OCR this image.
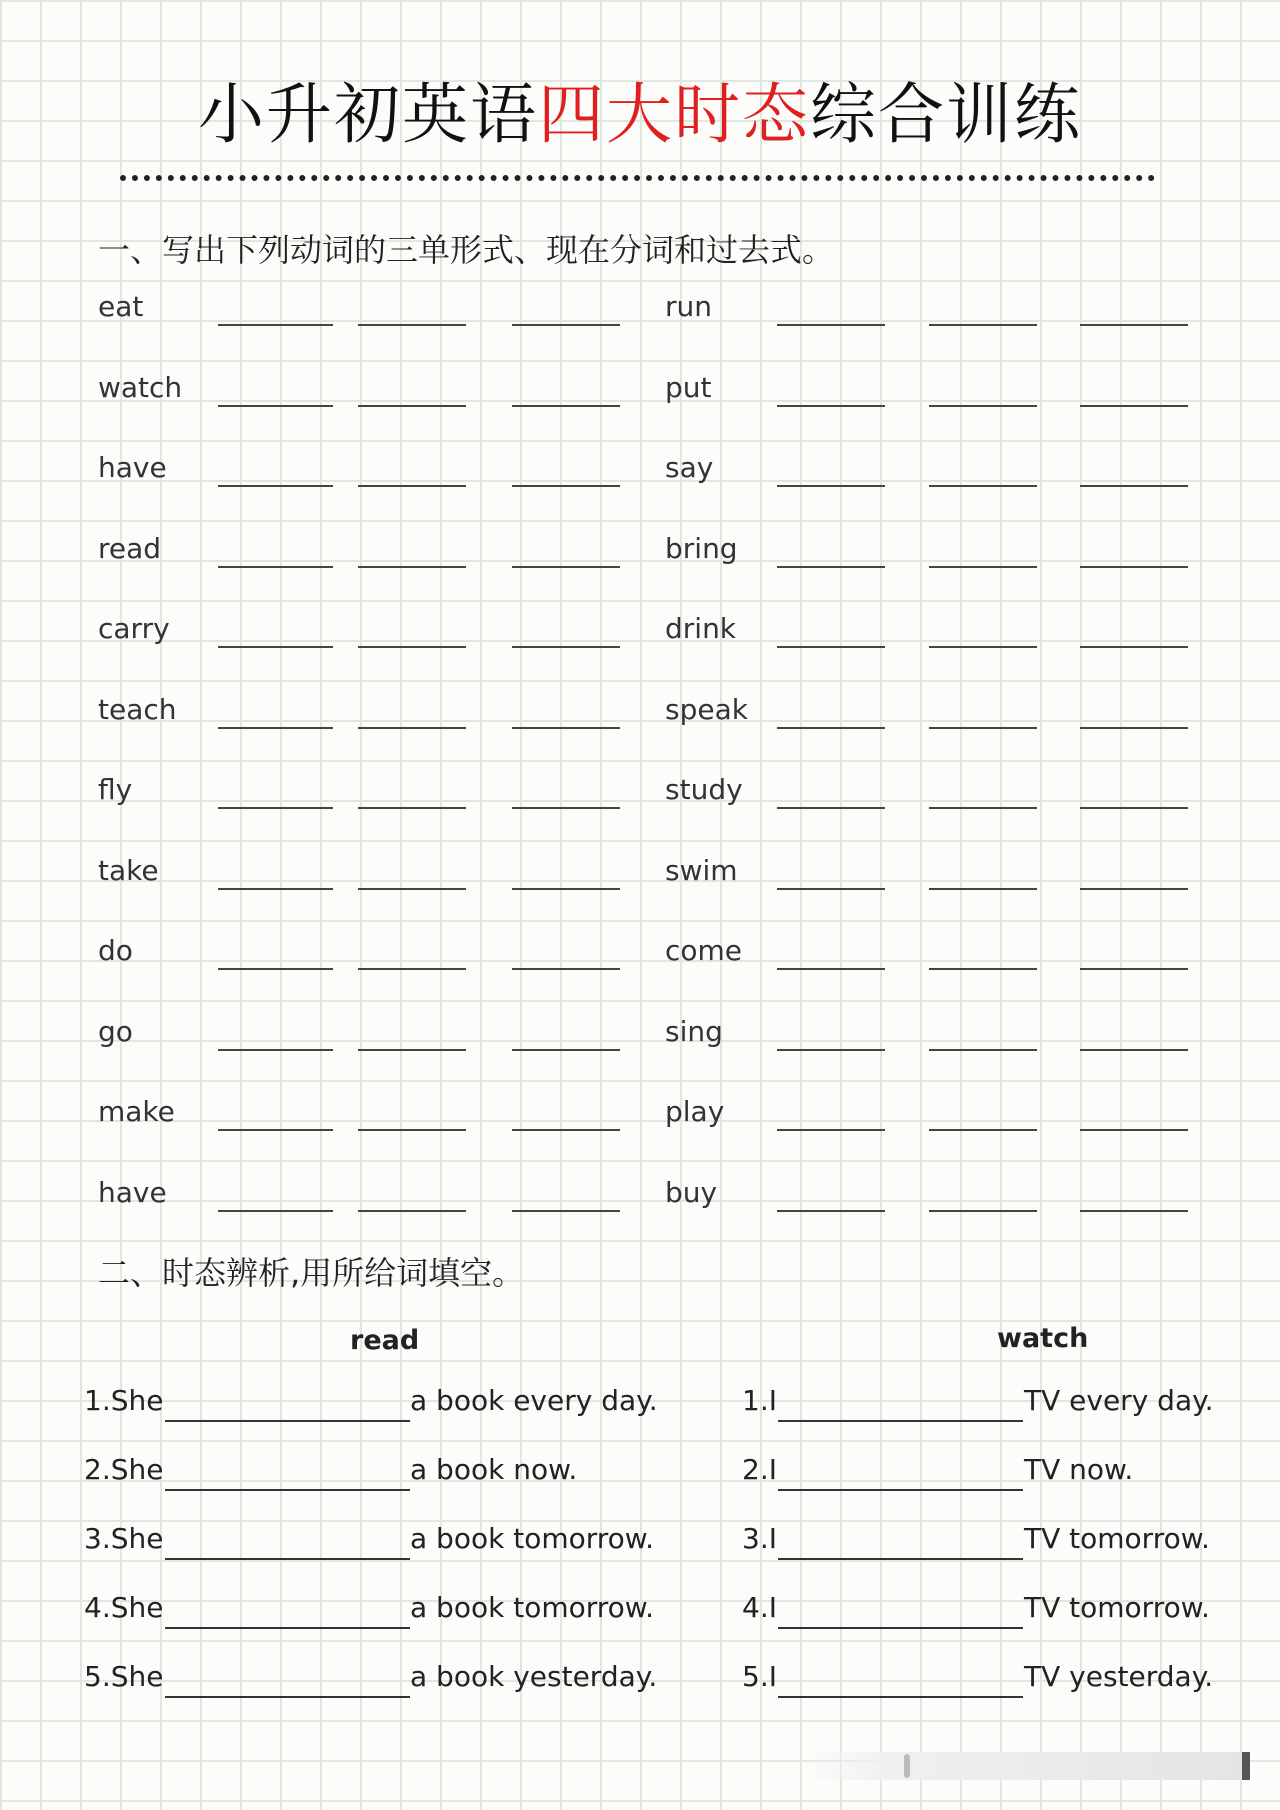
小升初英语四大时态综合训练
一、写出下列动词的三单形式、现在分词和过去式。
eat	run
watch	put
have	say
read	bring
carry	drink
teach	speak
fly	study
take	swim
do	come
go	sing
make	play
have	buy
二、时态辨析,用所给词填空。
read	watch
1.She	a book every day.	1.I	TV every day.
2.She	a book now.	2.I	TV now.
3.She	a book tomorrow.	3.I	TV tomorrow.
4.She	a book tomorrow.	4.I	TV tomorrow.
5.She	a book yesterday.	5.I	TV yesterday.
